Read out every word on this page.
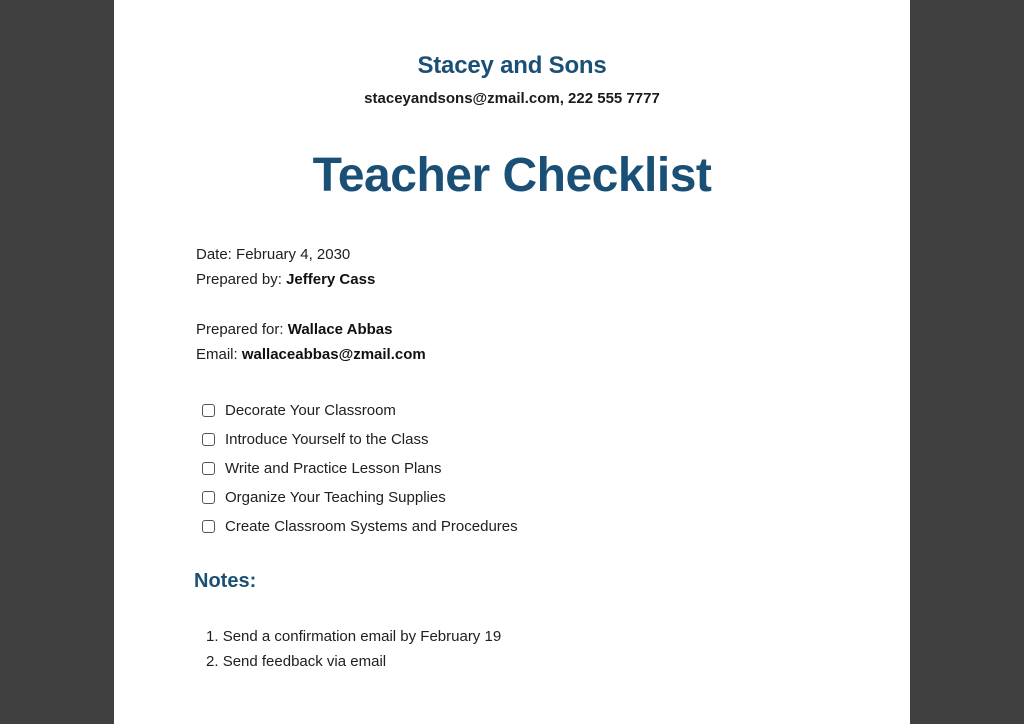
Stacey and Sons
staceyandsons@zmail.com, 222 555 7777
Teacher Checklist
Date: February 4, 2030
Prepared by: Jeffery Cass
Prepared for: Wallace Abbas
Email: wallaceabbas@zmail.com
Decorate Your Classroom
Introduce Yourself to the Class
Write and Practice Lesson Plans
Organize Your Teaching Supplies
Create Classroom Systems and Procedures
Notes:
1. Send a confirmation email by February 19
2. Send feedback via email
